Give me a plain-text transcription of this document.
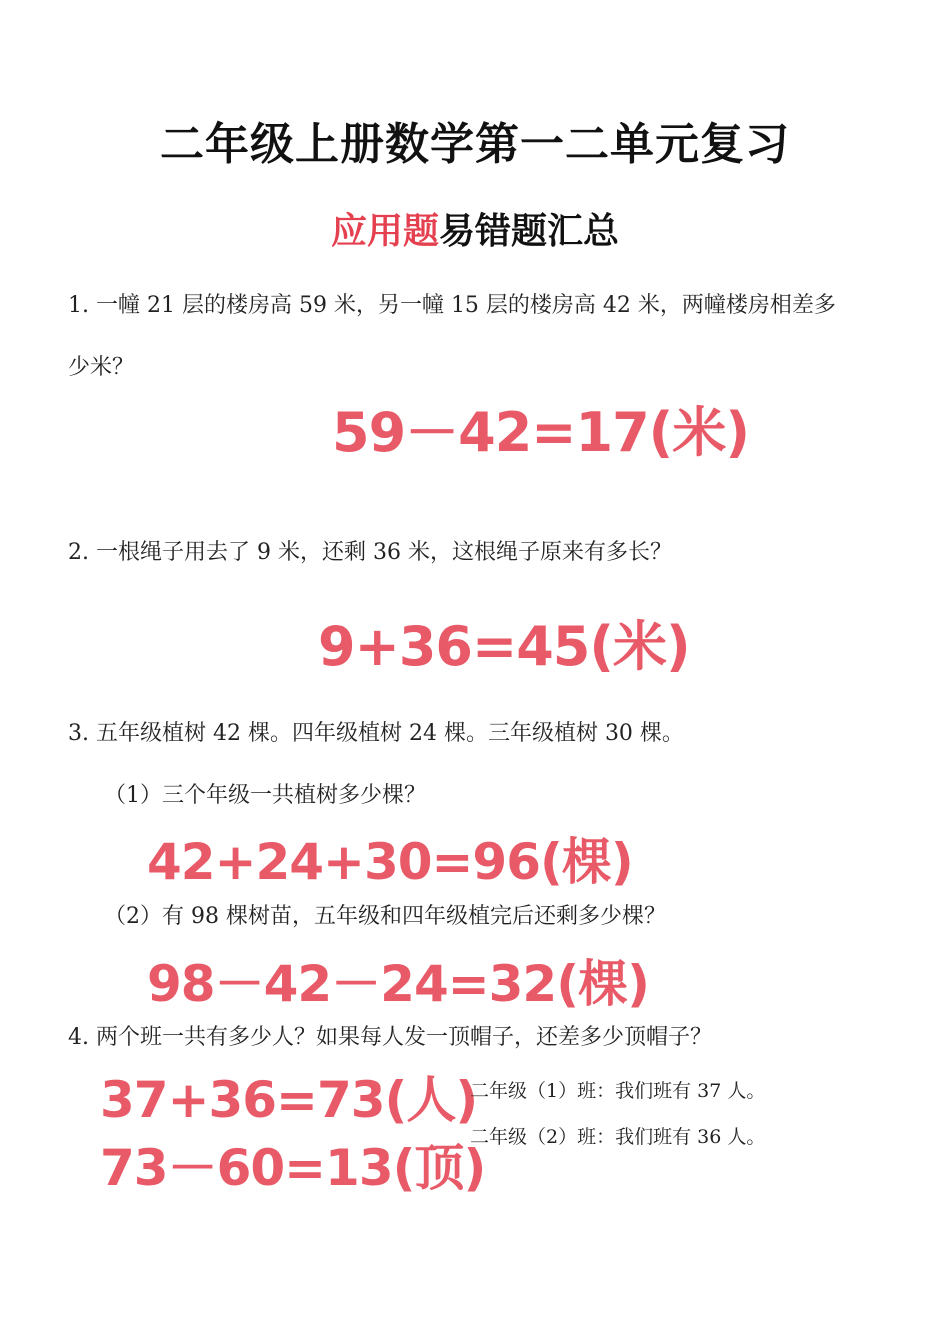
二年级上册数学第一二单元复习
应用题易错题汇总
1. 一幢 21 层的楼房高 59 米，另一幢 15 层的楼房高 42 米，两幢楼房相差多
少米？
59－42=17(米)
2. 一根绳子用去了 9 米，还剩 36 米，这根绳子原来有多长？
9+36=45(米)
3. 五年级植树 42 棵。四年级植树 24 棵。三年级植树 30 棵。
（1）三个年级一共植树多少棵？
42+24+30=96(棵)
（2）有 98 棵树苗，五年级和四年级植完后还剩多少棵？
98－42－24=32(棵)
4. 两个班一共有多少人？如果每人发一顶帽子，还差多少顶帽子？
37+36=73(人)
73－60=13(顶)
二年级（1）班：我们班有 37 人。
二年级（2）班：我们班有 36 人。
